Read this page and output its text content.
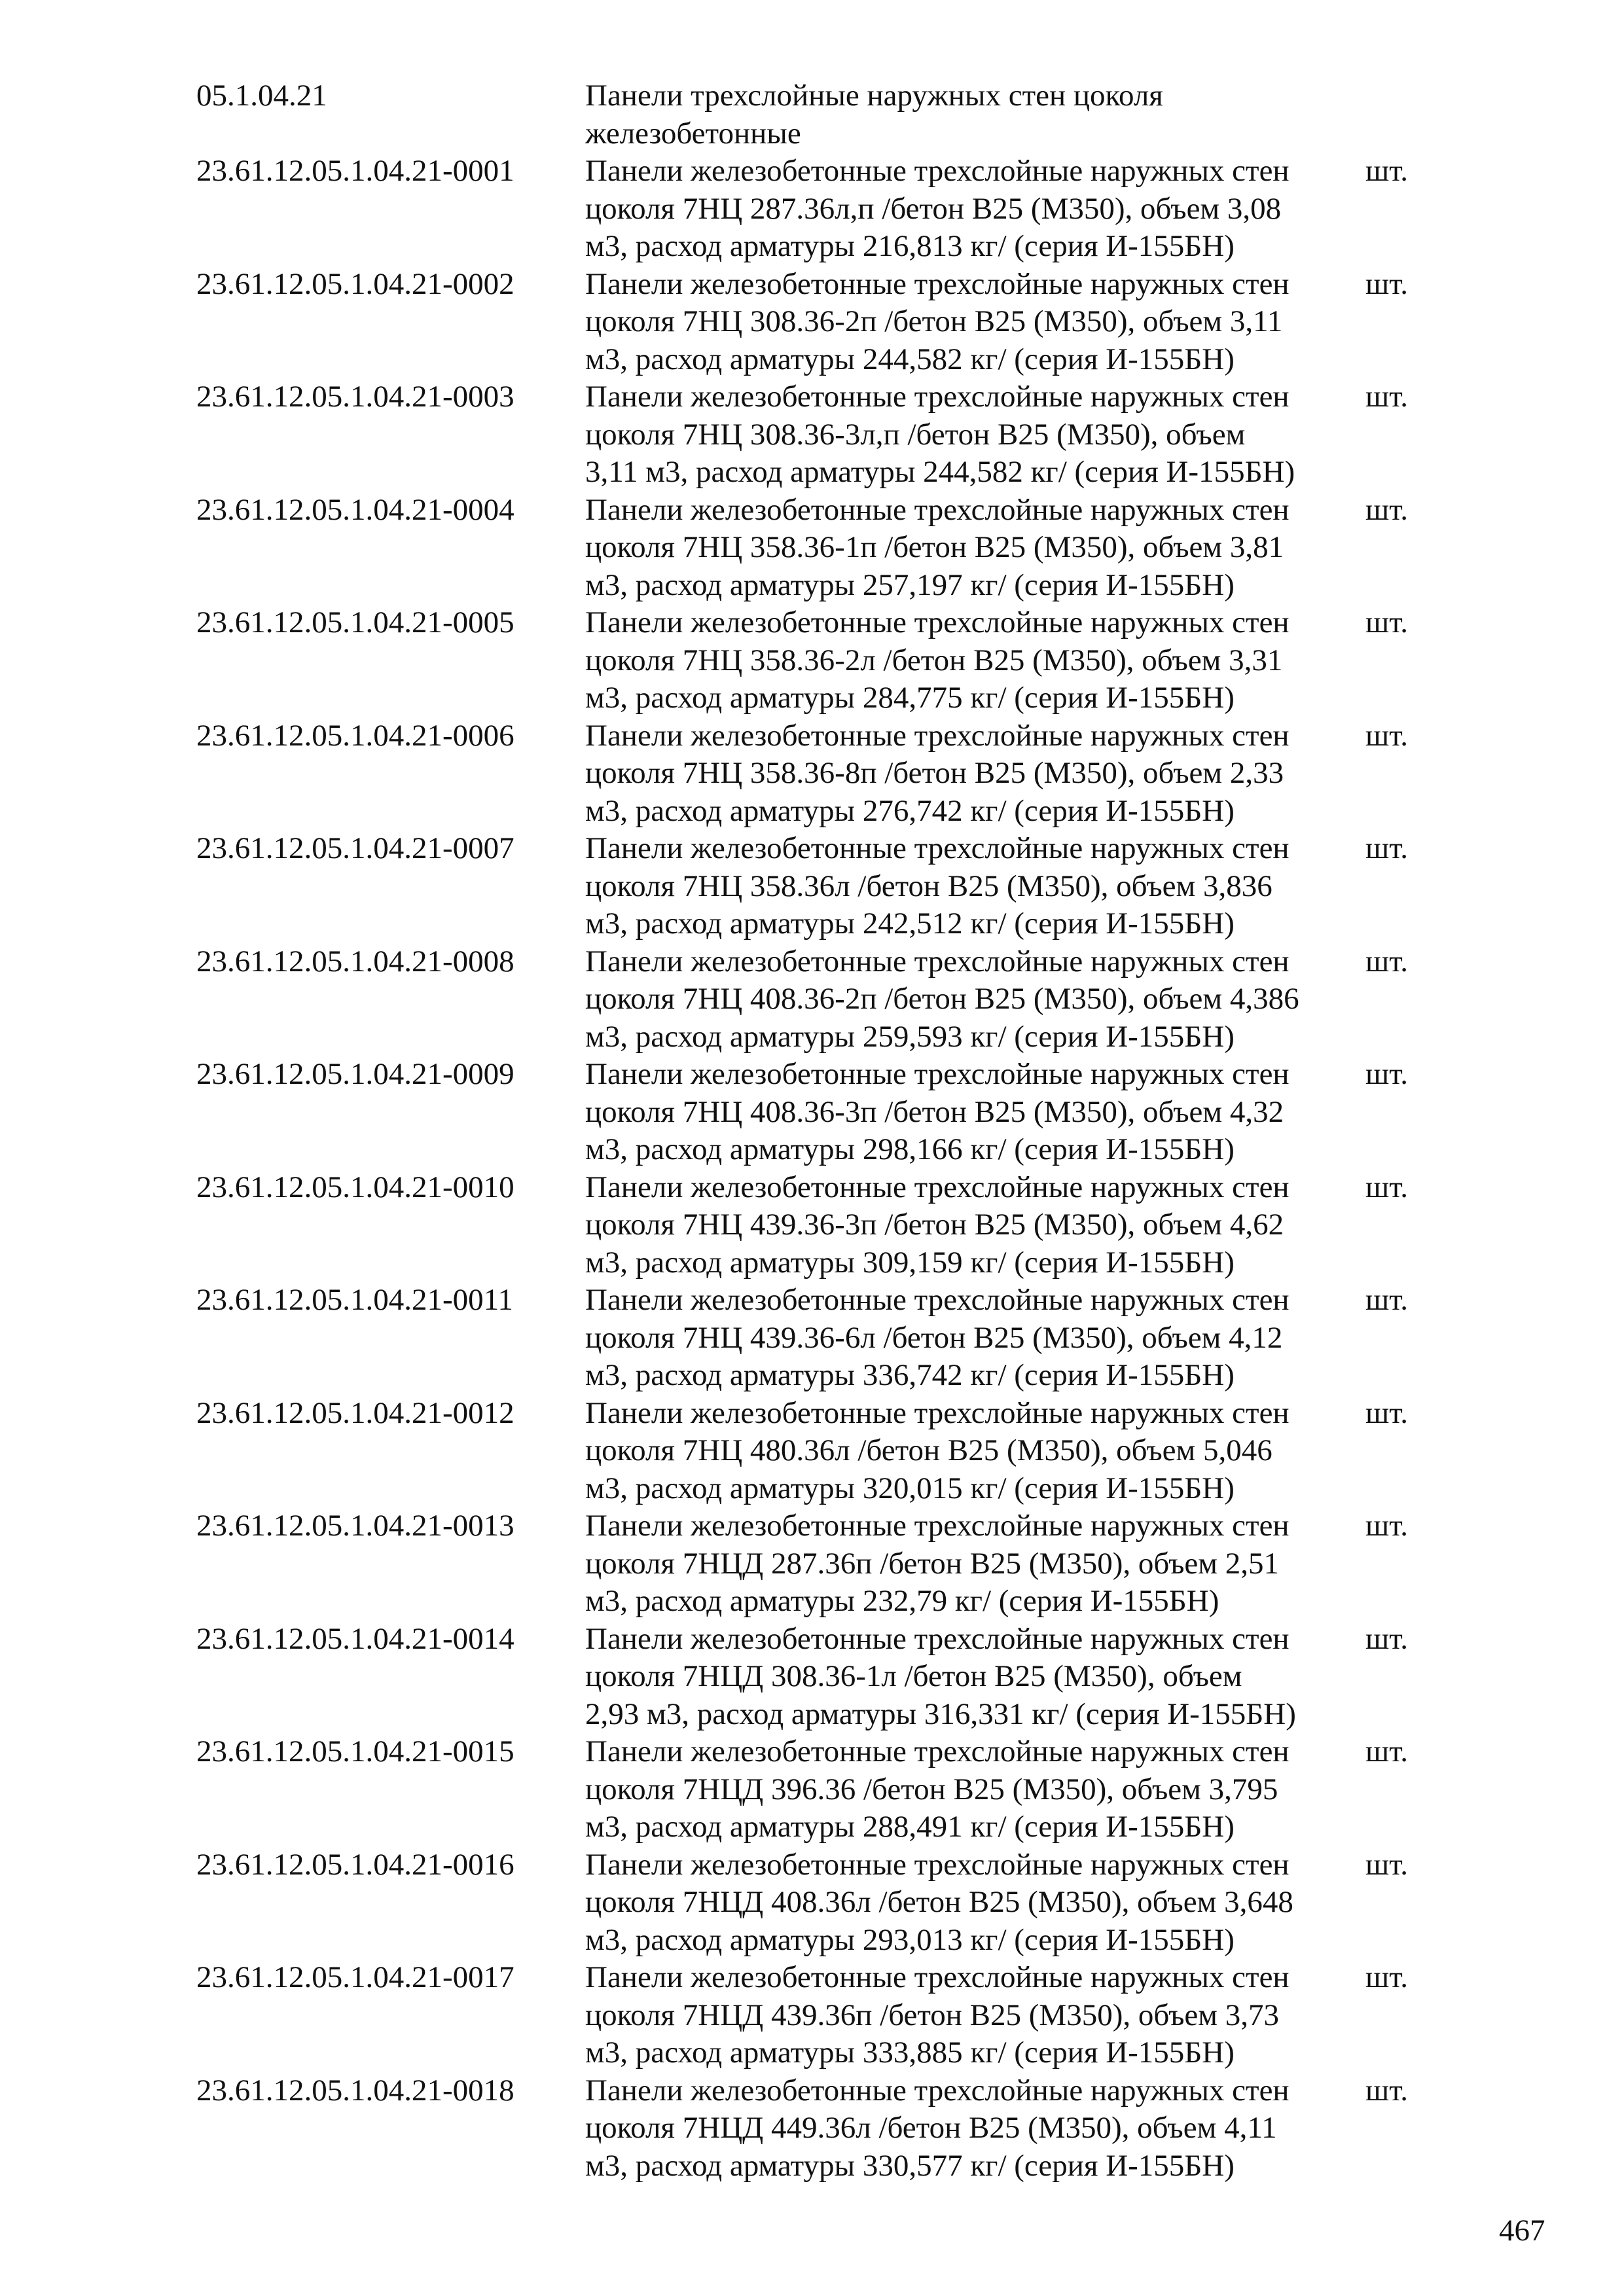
05.1.04.21	Панели трехслойные наружных стен цоколя
железобетонные
23.61.12.05.1.04.21-0001	Панели железобетонные трехслойные наружных стен
цоколя 7НЦ 287.36л,п /бетон В25 (М350), объем 3,08
м3, расход арматуры 216,813 кг/ (серия И-155БН)
шт.
23.61.12.05.1.04.21-0002	Панели железобетонные трехслойные наружных стен
цоколя 7НЦ 308.36-2п /бетон В25 (М350), объем 3,11
м3, расход арматуры 244,582 кг/ (серия И-155БН)
шт.
23.61.12.05.1.04.21-0003	Панели железобетонные трехслойные наружных стен
цоколя 7НЦ 308.36-3л,п /бетон В25 (М350), объем
3,11 м3, расход арматуры 244,582 кг/ (серия И-155БН)
шт.
23.61.12.05.1.04.21-0004	Панели железобетонные трехслойные наружных стен
цоколя 7НЦ 358.36-1п /бетон В25 (М350), объем 3,81
м3, расход арматуры 257,197 кг/ (серия И-155БН)
шт.
23.61.12.05.1.04.21-0005	Панели железобетонные трехслойные наружных стен
цоколя 7НЦ 358.36-2л /бетон В25 (М350), объем 3,31
м3, расход арматуры 284,775 кг/ (серия И-155БН)
шт.
23.61.12.05.1.04.21-0006	Панели железобетонные трехслойные наружных стен
цоколя 7НЦ 358.36-8п /бетон В25 (М350), объем 2,33
м3, расход арматуры 276,742 кг/ (серия И-155БН)
шт.
23.61.12.05.1.04.21-0007	Панели железобетонные трехслойные наружных стен
цоколя 7НЦ 358.36л /бетон В25 (М350), объем 3,836
м3, расход арматуры 242,512 кг/ (серия И-155БН)
шт.
23.61.12.05.1.04.21-0008	Панели железобетонные трехслойные наружных стен
цоколя 7НЦ 408.36-2п /бетон В25 (М350), объем 4,386
м3, расход арматуры 259,593 кг/ (серия И-155БН)
шт.
23.61.12.05.1.04.21-0009	Панели железобетонные трехслойные наружных стен
цоколя 7НЦ 408.36-3п /бетон В25 (М350), объем 4,32
м3, расход арматуры 298,166 кг/ (серия И-155БН)
шт.
23.61.12.05.1.04.21-0010	Панели железобетонные трехслойные наружных стен
цоколя 7НЦ 439.36-3п /бетон В25 (М350), объем 4,62
м3, расход арматуры 309,159 кг/ (серия И-155БН)
шт.
23.61.12.05.1.04.21-0011	Панели железобетонные трехслойные наружных стен
цоколя 7НЦ 439.36-6л /бетон В25 (М350), объем 4,12
м3, расход арматуры 336,742 кг/ (серия И-155БН)
шт.
23.61.12.05.1.04.21-0012	Панели железобетонные трехслойные наружных стен
цоколя 7НЦ 480.36л /бетон В25 (М350), объем 5,046
м3, расход арматуры 320,015 кг/ (серия И-155БН)
шт.
23.61.12.05.1.04.21-0013	Панели железобетонные трехслойные наружных стен
цоколя 7НЦД 287.36п /бетон В25 (М350), объем 2,51
м3, расход арматуры 232,79 кг/ (серия И-155БН)
шт.
23.61.12.05.1.04.21-0014	Панели железобетонные трехслойные наружных стен
цоколя 7НЦД 308.36-1л /бетон В25 (М350), объем
2,93 м3, расход арматуры 316,331 кг/ (серия И-155БН)
шт.
23.61.12.05.1.04.21-0015	Панели железобетонные трехслойные наружных стен
цоколя 7НЦД 396.36 /бетон В25 (М350), объем 3,795
м3, расход арматуры 288,491 кг/ (серия И-155БН)
шт.
23.61.12.05.1.04.21-0016	Панели железобетонные трехслойные наружных стен
цоколя 7НЦД 408.36л /бетон В25 (М350), объем 3,648
м3, расход арматуры 293,013 кг/ (серия И-155БН)
шт.
23.61.12.05.1.04.21-0017	Панели железобетонные трехслойные наружных стен
цоколя 7НЦД 439.36п /бетон В25 (М350), объем 3,73
м3, расход арматуры 333,885 кг/ (серия И-155БН)
шт.
23.61.12.05.1.04.21-0018	Панели железобетонные трехслойные наружных стен
цоколя 7НЦД 449.36л /бетон В25 (М350), объем 4,11
м3, расход арматуры 330,577 кг/ (серия И-155БН)
шт.
467
